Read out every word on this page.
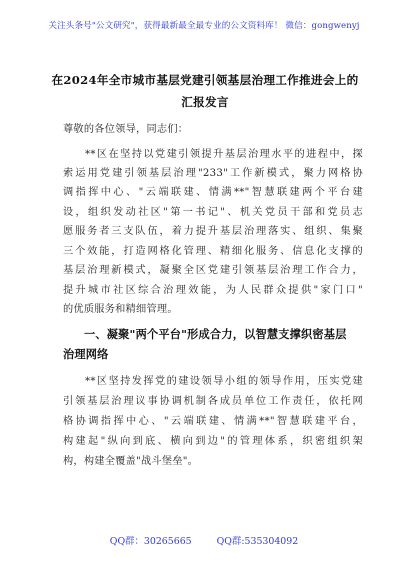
关注头条号"公文研究"，获得最新最全最专业的公文资料库！ 微信：gongwenyj
在2024年全市城市基层党建引领基层治理工作推进会上的
汇报发言
尊敬的各位领导，同志们：
**区在坚持以党建引领提升基层治理水平的进程中，探
索运用党建引领基层治理"233"工作新模式，聚力网格协
调指挥中心、"云端联建、情满**"智慧联建两个平台建
设，组织发动社区"第一书记"、机关党员干部和党员志
愿服务者三支队伍，着力提升基层治理落实、组织、集聚
三个效能，打造网格化管理、精细化服务、信息化支撑的
基层治理新模式，凝聚全区党建引领基层治理工作合力，
提升城市社区综合治理效能，为人民群众提供"家门口"
的优质服务和精细管理。
一、凝聚"两个平台"形成合力，以智慧支撑织密基层
治理网络
**区坚持发挥党的建设领导小组的领导作用，压实党建
引领基层治理议事协调机制各成员单位工作责任，依托网
格协调指挥中心、"云端联建、情满**"智慧联建平台，
构建起"纵向到底、横向到边"的管理体系，织密组织架
构，构建全覆盖"战斗堡垒"。
QQ群：30265665	QQ群:535304092
